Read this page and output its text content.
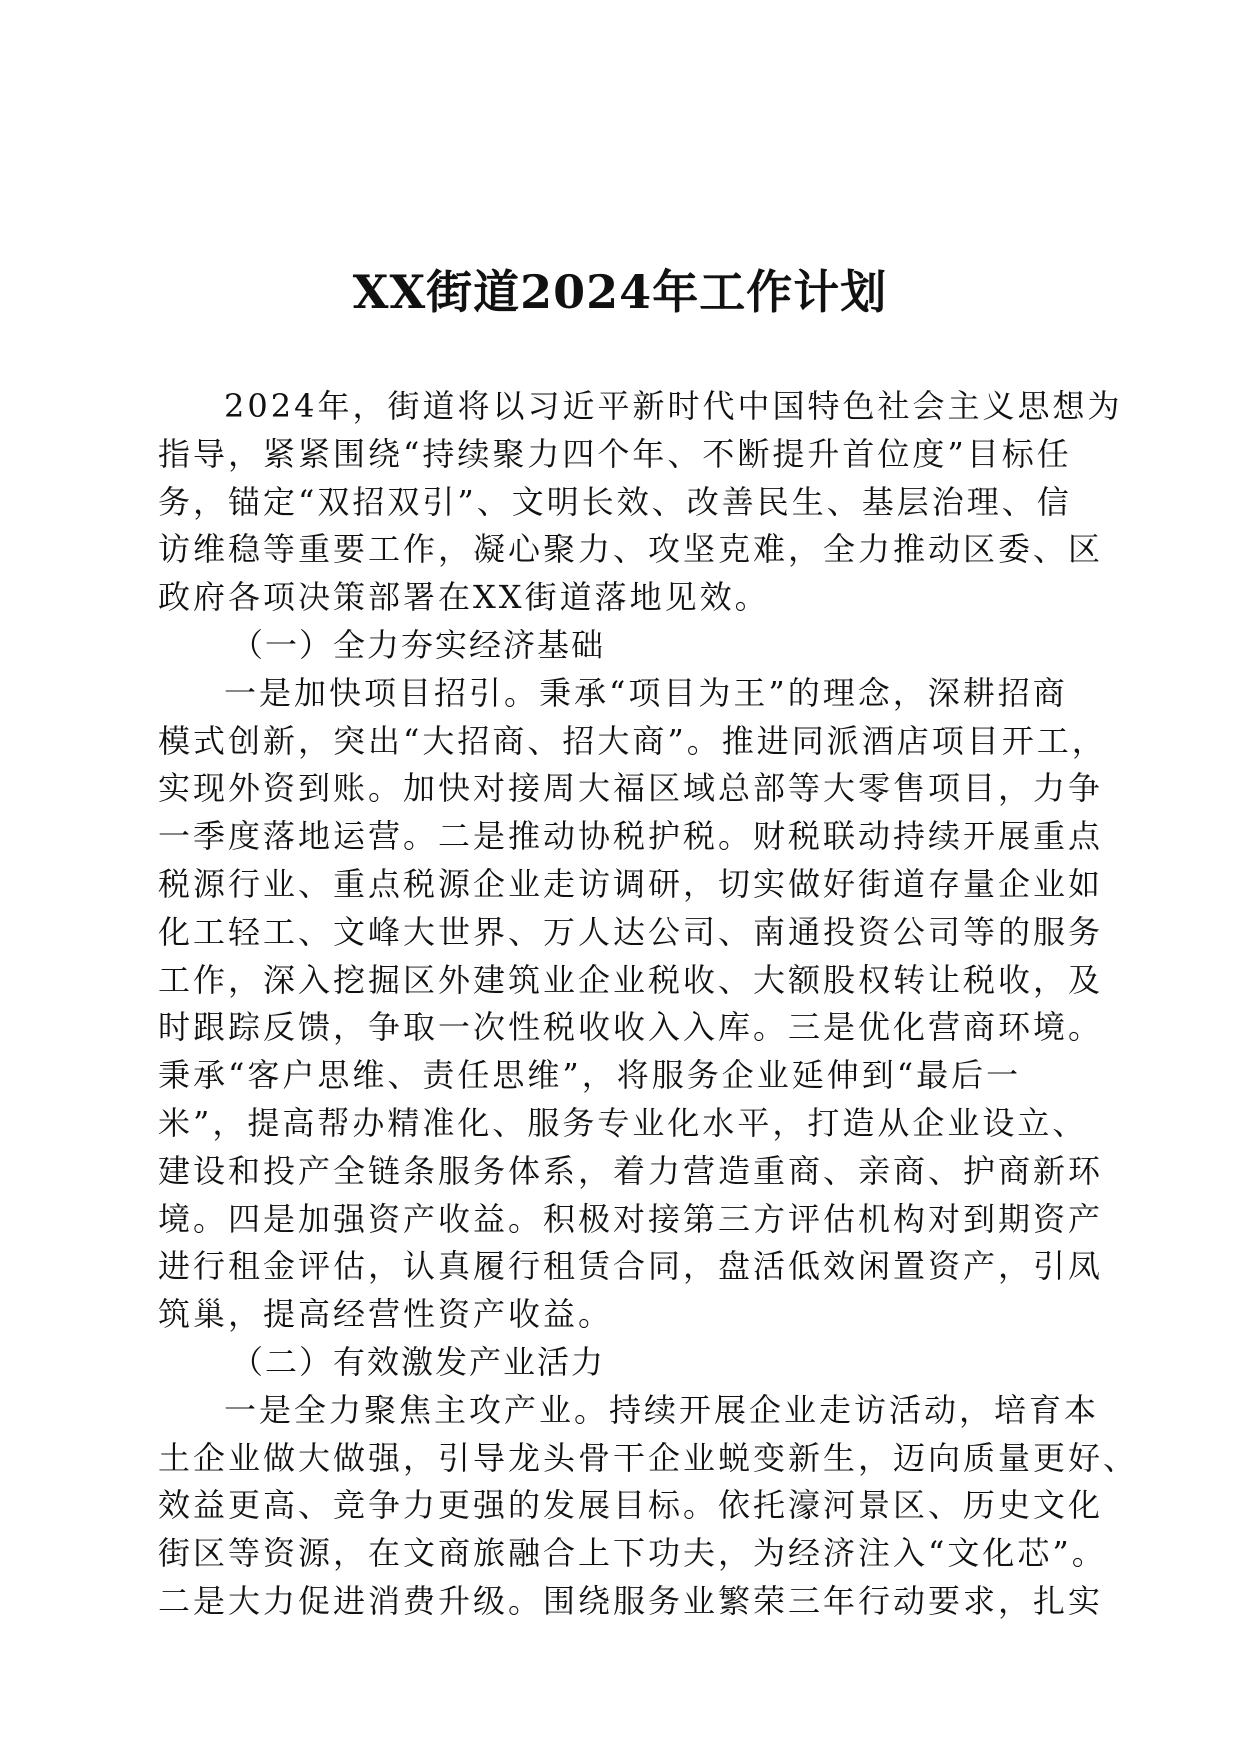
XX街道2024年工作计划
2024年，街道将以习近平新时代中国特色社会主义思想为
指导，紧紧围绕“持续聚力四个年、不断提升首位度”目标任
务，锚定“双招双引”、文明长效、改善民生、基层治理、信
访维稳等重要工作，凝心聚力、攻坚克难，全力推动区委、区
政府各项决策部署在XX街道落地见效。
（一）全力夯实经济基础
一是加快项目招引。秉承“项目为王”的理念，深耕招商
模式创新，突出“大招商、招大商”。推进同派酒店项目开工，
实现外资到账。加快对接周大福区域总部等大零售项目，力争
一季度落地运营。二是推动协税护税。财税联动持续开展重点
税源行业、重点税源企业走访调研，切实做好街道存量企业如
化工轻工、文峰大世界、万人达公司、南通投资公司等的服务
工作，深入挖掘区外建筑业企业税收、大额股权转让税收，及
时跟踪反馈，争取一次性税收收入入库。三是优化营商环境。
秉承“客户思维、责任思维”，将服务企业延伸到“最后一
米”，提高帮办精准化、服务专业化水平，打造从企业设立、
建设和投产全链条服务体系，着力营造重商、亲商、护商新环
境。四是加强资产收益。积极对接第三方评估机构对到期资产
进行租金评估，认真履行租赁合同，盘活低效闲置资产，引凤
筑巢，提高经营性资产收益。
（二）有效激发产业活力
一是全力聚焦主攻产业。持续开展企业走访活动，培育本
土企业做大做强，引导龙头骨干企业蜕变新生，迈向质量更好、
效益更高、竞争力更强的发展目标。依托濠河景区、历史文化
街区等资源，在文商旅融合上下功夫，为经济注入“文化芯”。
二是大力促进消费升级。围绕服务业繁荣三年行动要求，扎实
